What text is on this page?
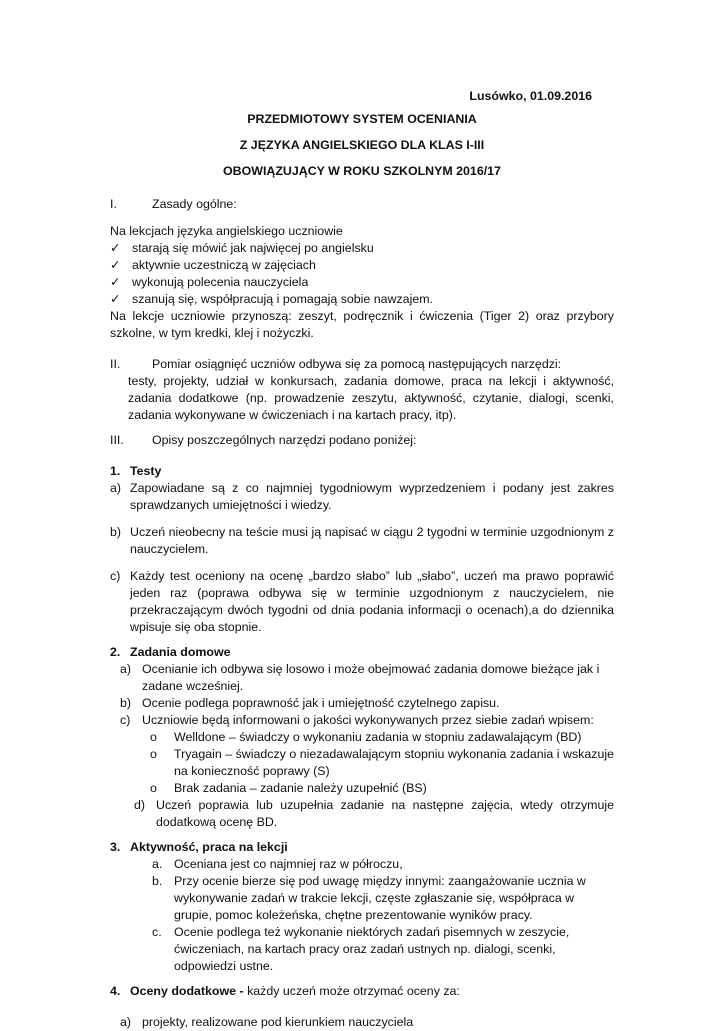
Lusówko, 01.09.2016
PRZEDMIOTOWY SYSTEM OCENIANIA
Z JĘZYKA ANGIELSKIEGO DLA KLAS I-III
OBOWIĄZUJĄCY W ROKU SZKOLNYM 2016/17
I.	Zasady ogólne:

Na lekcjach języka angielskiego uczniowie

✓ starają się mówić jak najwięcej po angielsku
✓ aktywnie uczestniczą w zajęciach
✓ wykonują polecenia nauczyciela
✓ szanują się, współpracują i pomagają sobie nawzajem.

Na lekcje uczniowie przynoszą: zeszyt, podręcznik i ćwiczenia (Tiger 2) oraz przybory szkolne, w tym kredki, klej i nożyczki.

II.	Pomiar osiągnięć uczniów odbywa się za pomocą następujących narzędzi:

testy, projekty, udział w konkursach, zadania domowe, praca na lekcji i aktywność, zadania dodatkowe (np. prowadzenie zeszytu, aktywność, czytanie, dialogi, scenki, zadania wykonywane w ćwiczeniach i na kartach pracy, itp).

III.	Opisy poszczególnych narzędzi podano poniżej:
1. Testy
a) Zapowiadane są z co najmniej tygodniowym wyprzedzeniem i podany jest zakres sprawdzanych umiejętności i wiedzy.
b) Uczeń nieobecny na teście musi ją napisać w ciągu 2 tygodni w terminie uzgodnionym z nauczycielem.
c) Każdy test oceniony na ocenę „bardzo słabo” lub „słabo”, uczeń ma prawo poprawić jeden raz (poprawa odbywa się w terminie uzgodnionym z nauczycielem, nie przekraczającym dwóch tygodni od dnia podania informacji o ocenach),a do dziennika wpisuje się oba stopnie.
2. Zadania domowe
a) Ocenianie ich odbywa się losowo i może obejmować zadania domowe bieżące jak i zadane wcześniej.
b) Ocenie podlega poprawność jak i umiejętność czytelnego zapisu.
c) Uczniowie będą informowani o jakości wykonywanych przez siebie zadań wpisem:
o	Welldone – świadczy o wykonaniu zadania w stopniu zadawalającym (BD)
o	Tryagain – świadczy o niezadawalającym stopniu wykonania zadania i wskazuje na konieczność poprawy (S)
o	Brak zadania – zadanie należy uzupełnić (BS)
d) Uczeń poprawia lub uzupełnia zadanie na następne zajęcia, wtedy otrzymuje dodatkową ocenę BD.
3. Aktywność, praca na lekcji
a. Oceniana jest co najmniej raz w półroczu,
b. Przy ocenie bierze się pod uwagę między innymi: zaangażowanie ucznia w wykonywanie zadań w trakcie lekcji, częste zgłaszanie się, współpraca w grupie, pomoc koleżeńska, chętne prezentowanie wyników pracy.
c. Ocenie podlega też wykonanie niektórych zadań pisemnych w zeszycie, ćwiczeniach, na kartach pracy oraz zadań ustnych np. dialogi, scenki, odpowiedzi ustne.
4. Oceny dodatkowe - każdy uczeń może otrzymać oceny za:
a) projekty, realizowane pod kierunkiem nauczyciela
